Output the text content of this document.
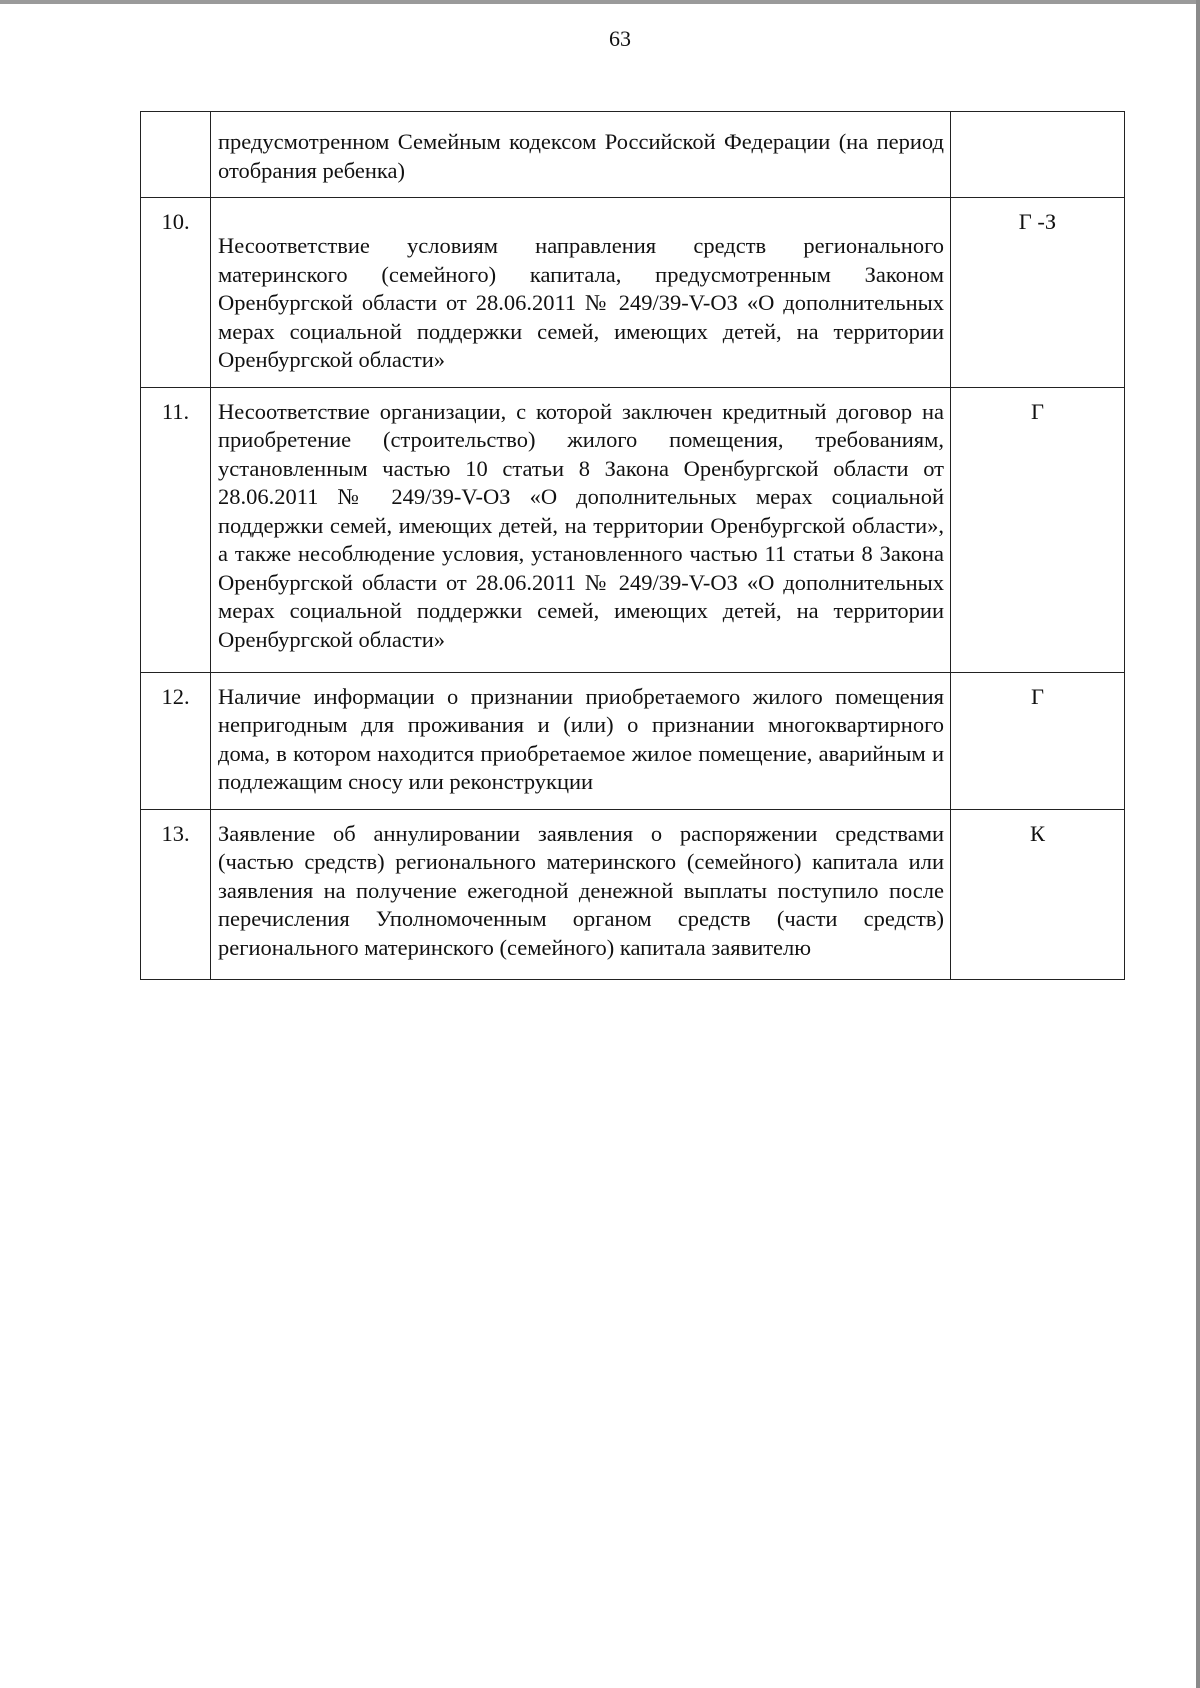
63
	предусмотренном Семейным кодексом Российской Федерации (на период отобрания ребенка)	
10.	Несоответствие условиям направления средств регионального материнского (семейного) капитала, предусмотренным Законом Оренбургской области от 28.06.2011 № 249/39-V-ОЗ «О дополнительных мерах социальной поддержки семей, имеющих детей, на территории Оренбургской области»	Г -З
11.	Несоответствие организации, с которой заключен кредитный договор на приобретение (строительство) жилого помещения, требованиям, установленным частью 10 статьи 8 Закона Оренбургской области от 28.06.2011 № 249/39-V-ОЗ «О дополнительных мерах социальной поддержки семей, имеющих детей, на территории Оренбургской области», а также несоблюдение условия, установленного частью 11 статьи 8 Закона Оренбургской области от 28.06.2011 № 249/39-V-ОЗ «О дополнительных мерах социальной поддержки семей, имеющих детей, на территории Оренбургской области»	Г
12.	Наличие информации о признании приобретаемого жилого помещения непригодным для проживания и (или) о признании многоквартирного дома, в котором находится приобретаемое жилое помещение, аварийным и подлежащим сносу или реконструкции	Г
13.	Заявление об аннулировании заявления о распоряжении средствами (частью средств) регионального материнского (семейного) капитала или заявления на получение ежегодной денежной выплаты поступило после перечисления Уполномоченным органом средств (части средств) регионального материнского (семейного) капитала заявителю	К
